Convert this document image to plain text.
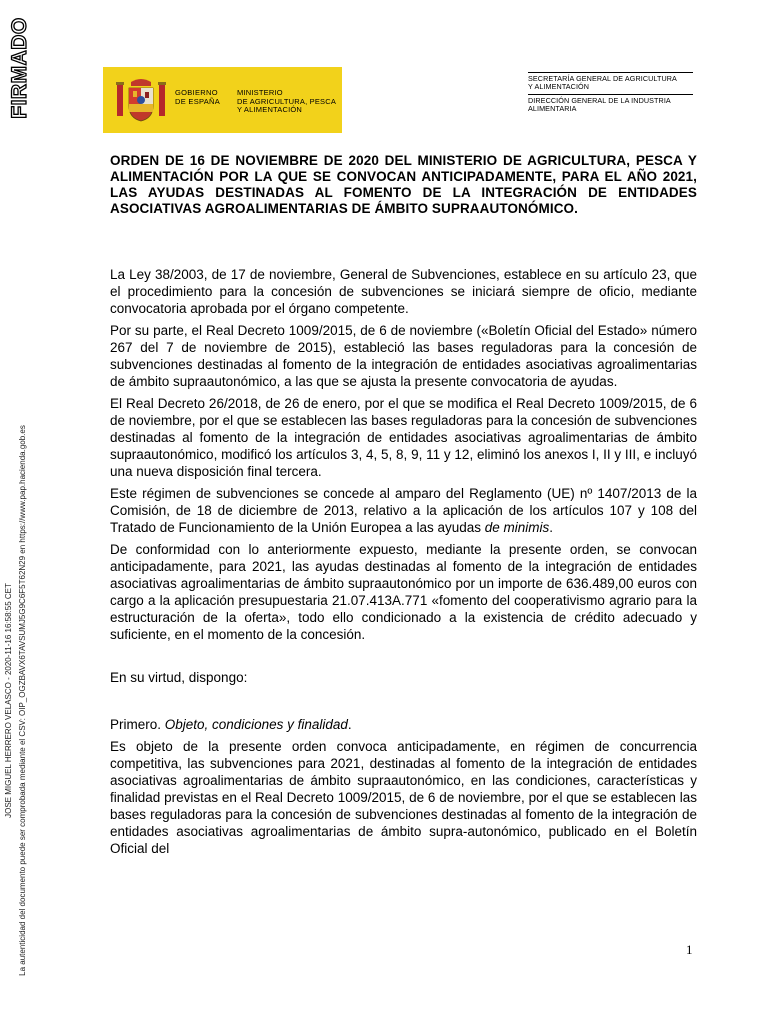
FIRMADO
JOSE MIGUEL HERRERO VELASCO - 2020-11-16 16:58:55 CET La autenticidad del documento puede ser comprobada mediante el CSV: OIP_OGZBAVX6TAVSUMJ5G9C6F5T62N29 en https://www.pap.hacienda.gob.es
GOBIERNO
DE ESPAÑA
MINISTERIO
DE AGRICULTURA, PESCA
Y ALIMENTACIÓN
SECRETARÍA GENERAL DE AGRICULTURA
Y ALIMENTACIÓN
DIRECCIÓN GENERAL DE LA INDUSTRIA
ALIMENTARIA
ORDEN DE 16 DE NOVIEMBRE DE 2020 DEL MINISTERIO DE AGRICULTURA, PESCA Y ALIMENTACIÓN POR LA QUE SE CONVOCAN ANTICIPADAMENTE, PARA EL AÑO 2021, LAS AYUDAS DESTINADAS AL FOMENTO DE LA INTEGRACIÓN DE ENTIDADES ASOCIATIVAS AGROALIMENTARIAS DE ÁMBITO SUPRAAUTONÓMICO.

La Ley 38/2003, de 17 de noviembre, General de Subvenciones, establece en su artículo 23, que el procedimiento para la concesión de subvenciones se iniciará siempre de oficio, mediante convocatoria aprobada por el órgano competente.

Por su parte, el Real Decreto 1009/2015, de 6 de noviembre («Boletín Oficial del Estado» número 267 del 7 de noviembre de 2015), estableció las bases reguladoras para la concesión de subvenciones destinadas al fomento de la integración de entidades asociativas agroalimentarias de ámbito supraautonómico, a las que se ajusta la presente convocatoria de ayudas.

El Real Decreto 26/2018, de 26 de enero, por el que se modifica el Real Decreto 1009/2015, de 6 de noviembre, por el que se establecen las bases reguladoras para la concesión de subvenciones destinadas al fomento de la integración de entidades asociativas agroalimentarias de ámbito supraautonómico, modificó los artículos 3, 4, 5, 8, 9, 11 y 12, eliminó los anexos I, II y III, e incluyó una nueva disposición final tercera.

Este régimen de subvenciones se concede al amparo del Reglamento (UE) nº 1407/2013 de la Comisión, de 18 de diciembre de 2013, relativo a la aplicación de los artículos 107 y 108 del Tratado de Funcionamiento de la Unión Europea a las ayudas de minimis.

De conformidad con lo anteriormente expuesto, mediante la presente orden, se convocan anticipadamente, para 2021, las ayudas destinadas al fomento de la integración de entidades asociativas agroalimentarias de ámbito supraautonómico por un importe de 636.489,00 euros con cargo a la aplicación presupuestaria 21.07.413A.771 «fomento del cooperativismo agrario para la estructuración de la oferta», todo ello condicionado a la existencia de crédito adecuado y suficiente, en el momento de la concesión.

En su virtud, dispongo:

Primero. Objeto, condiciones y finalidad.

Es objeto de la presente orden convoca anticipadamente, en régimen de concurrencia competitiva, las subvenciones para 2021, destinadas al fomento de la integración de entidades asociativas agroalimentarias de ámbito supraautonómico, en las condiciones, características y finalidad previstas en el Real Decreto 1009/2015, de 6 de noviembre, por el que se establecen las bases reguladoras para la concesión de subvenciones destinadas al fomento de la integración de entidades asociativas agroalimentarias de ámbito supra-autonómico, publicado en el Boletín Oficial del

1
